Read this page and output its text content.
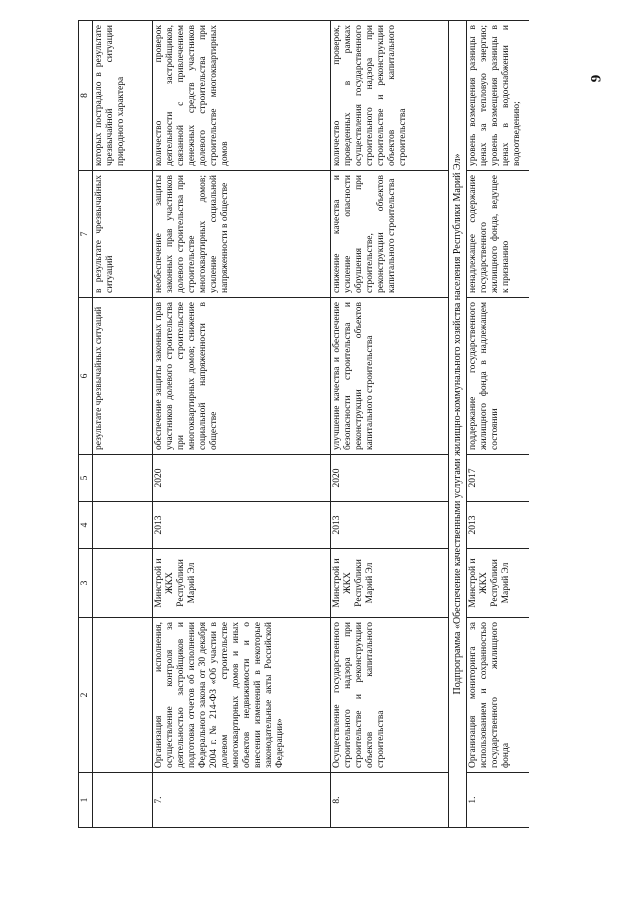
9
1	2	3	4	5	6	7	8
					результате чрезвычайных ситуаций	в результате чрезвычайных ситуаций	которых пострадало в результате чрезвычайной ситуации природного характера
7.	Организация исполнения, осуществление контроля за деятельностью застройщиков и подготовка отчетов об исполнении Федерального закона от 30 декабря 2004 г. № 214-ФЗ «Об участии в долевом строительстве многоквартирных домов и иных объектов недвижимости и о внесении изменений в некоторые законодательные акты Российской Федерации»	Минстрой и ЖКХ Республики Марий Эл	2013	2020	обеспечение защиты законных прав участников долевого строительства при строительстве многоквартирных домов; снижение социальной напряженности в обществе	необеспечение защиты законных прав участников долевого строительства при строительстве многоквартирных домов; усиление социальной напряженности в обществе	количество проверок деятельности застройщиков, связанной с привлечением денежных средств участников долевого строительства при строительстве многоквартирных домов
8.	Осуществление государственного строительного надзора при строительстве и реконструкции объектов капитального строительства	Минстрой и ЖКХ Республики Марий Эл	2013	2020	улучшение качества и обеспечение безопасности строительства и реконструкции объектов капитального строительства	снижение качества и усиление опасности обрушения при строительстве, реконструкции объектов капитального строительства	количество проверок, проведенных в рамках осуществления государственного строительного надзора при строительстве и реконструкции объектов капитального строительства
Подпрограмма «Обеспечение качественными услугами жилищно-коммунального хозяйства населения Республики Марий Эл»							
1.	Организация мониторинга за использованием и сохранностью государственного жилищного фонда	Минстрой и ЖКХ Республики Марий Эл	2013	2017	поддержание государственного жилищного фонда в надлежащем состоянии	ненадлежащее содержание государственного жилищного фонда, ведущее к признанию	уровень возмещения разницы в ценах за тепловую энергию; уровень возмещения разницы в ценах в водоснабжении и водоотведению;
